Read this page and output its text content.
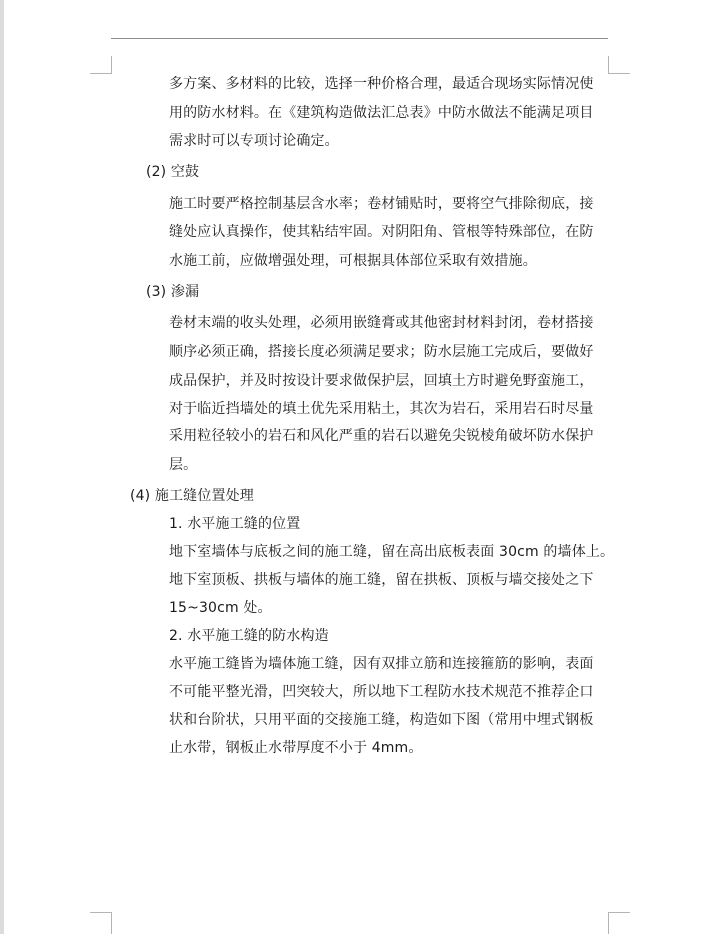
多方案、多材料的比较，选择一种价格合理，最适合现场实际情况使
用的防水材料。在《建筑构造做法汇总表》中防水做法不能满足项目
需求时可以专项讨论确定。
(2) 空鼓
施工时要严格控制基层含水率；卷材铺贴时，要将空气排除彻底，接
缝处应认真操作，使其粘结牢固。对阴阳角、管根等特殊部位，在防
水施工前，应做增强处理，可根据具体部位采取有效措施。
(3) 渗漏
卷材末端的收头处理，必须用嵌缝膏或其他密封材料封闭，卷材搭接
顺序必须正确，搭接长度必须满足要求；防水层施工完成后，要做好
成品保护，并及时按设计要求做保护层，回填土方时避免野蛮施工，
对于临近挡墙处的填土优先采用粘土，其次为岩石，采用岩石时尽量
采用粒径较小的岩石和风化严重的岩石以避免尖锐棱角破坏防水保护
层。
(4) 施工缝位置处理
1. 水平施工缝的位置
地下室墙体与底板之间的施工缝，留在高出底板表面 30cm 的墙体上。
地下室顶板、拱板与墙体的施工缝，留在拱板、顶板与墙交接处之下
15~30cm 处。
2. 水平施工缝的防水构造
水平施工缝皆为墙体施工缝，因有双排立筋和连接箍筋的影响，表面
不可能平整光滑，凹突较大，所以地下工程防水技术规范不推荐企口
状和台阶状，只用平面的交接施工缝，构造如下图（常用中埋式钢板
止水带，钢板止水带厚度不小于 4mm。
